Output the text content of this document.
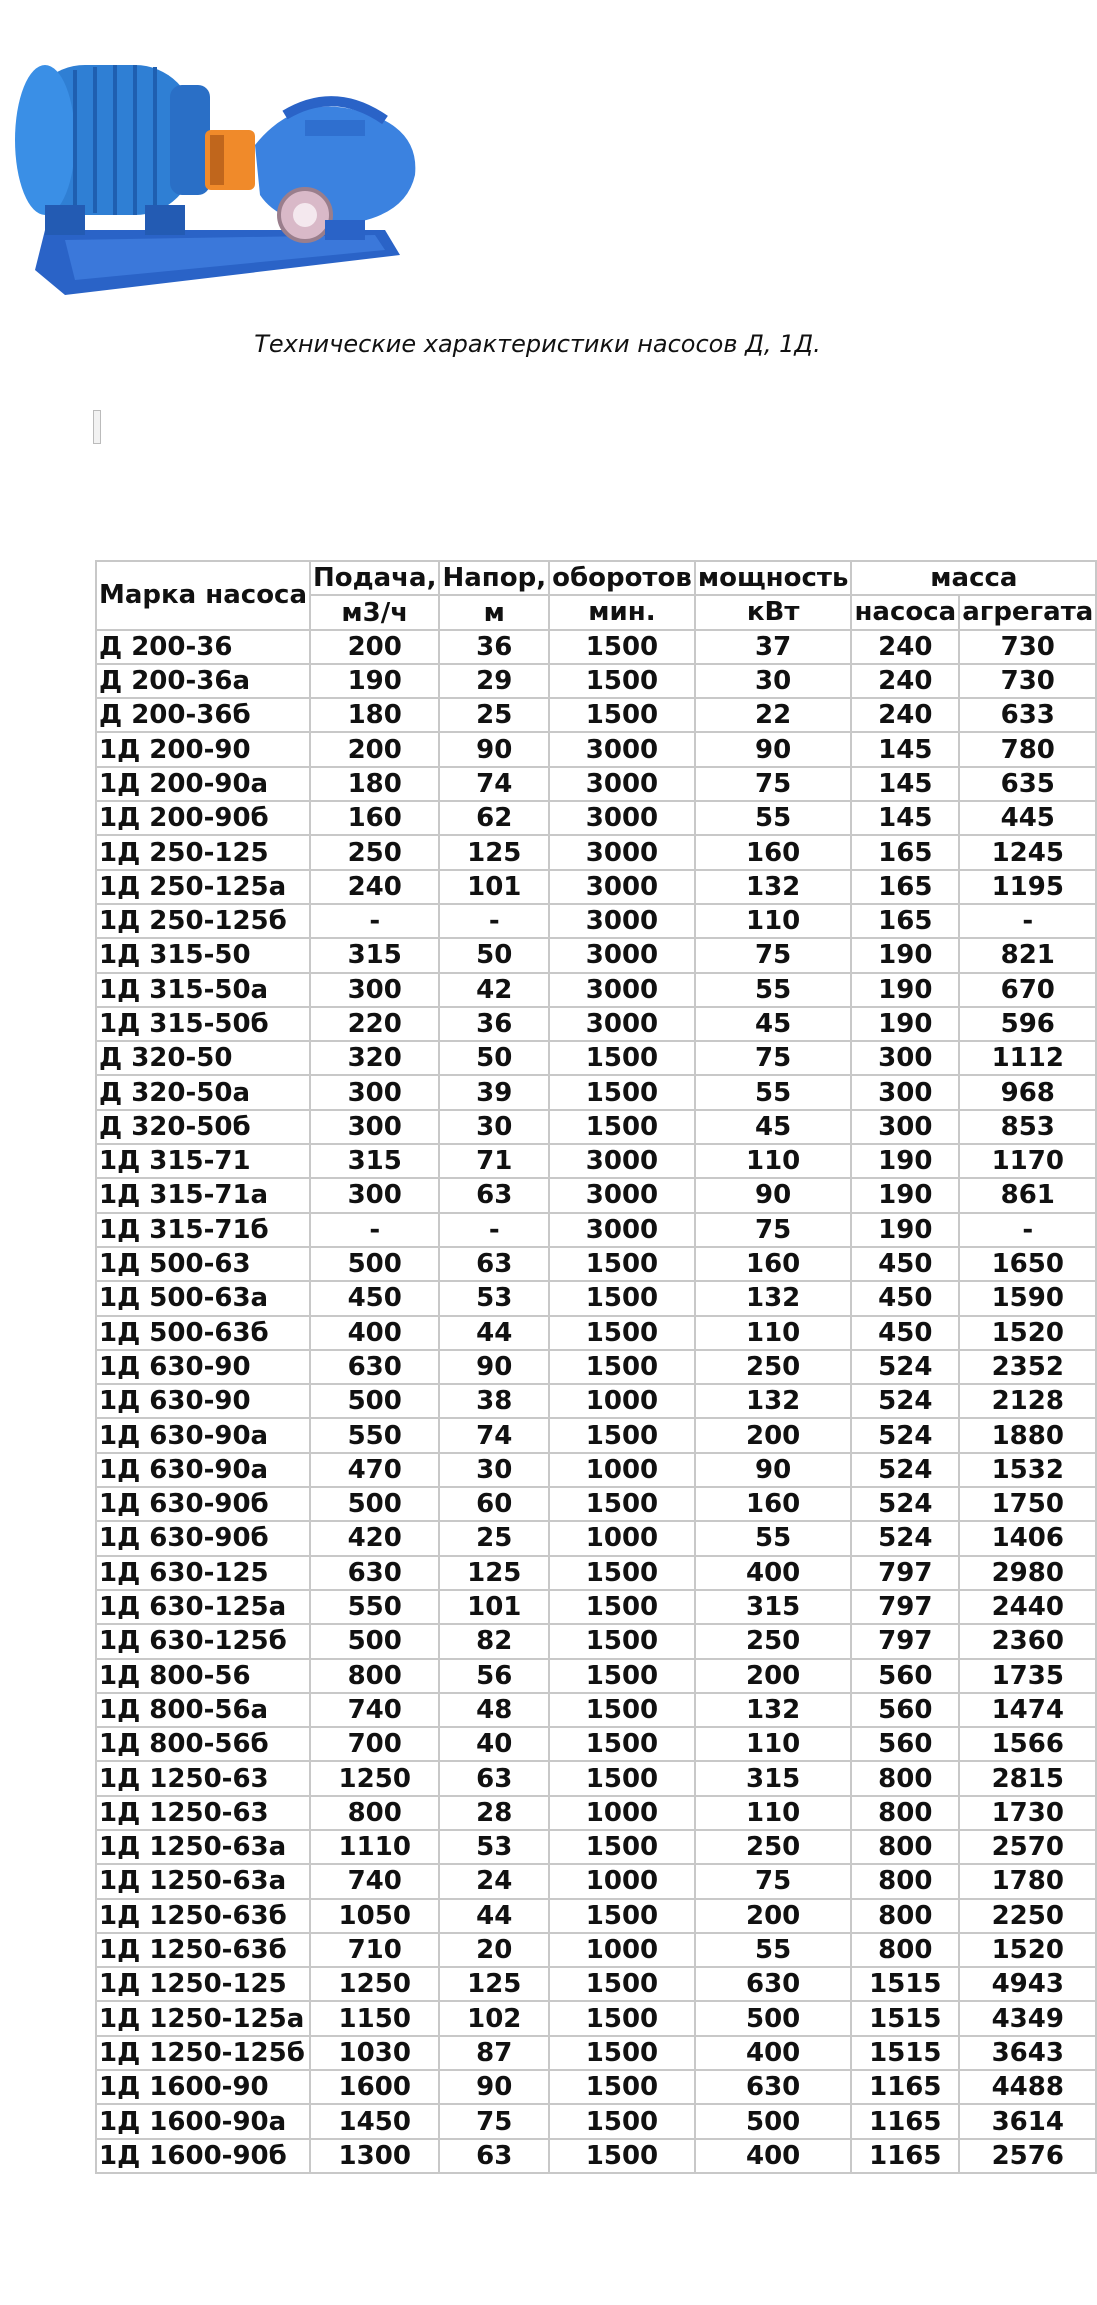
Технические характеристики насосов Д, 1Д.
Марка насоса	Подача,	Напор,	оборотов	мощность	масса	
	м3/ч	м	мин.	кВт	насоса	агрегата
Д 200-36	200	36	1500	37	240	730
Д 200-36а	190	29	1500	30	240	730
Д 200-36б	180	25	1500	22	240	633
1Д 200-90	200	90	3000	90	145	780
1Д 200-90а	180	74	3000	75	145	635
1Д 200-90б	160	62	3000	55	145	445
1Д 250-125	250	125	3000	160	165	1245
1Д 250-125а	240	101	3000	132	165	1195
1Д 250-125б	-	-	3000	110	165	-
1Д 315-50	315	50	3000	75	190	821
1Д 315-50а	300	42	3000	55	190	670
1Д 315-50б	220	36	3000	45	190	596
Д 320-50	320	50	1500	75	300	1112
Д 320-50а	300	39	1500	55	300	968
Д 320-50б	300	30	1500	45	300	853
1Д 315-71	315	71	3000	110	190	1170
1Д 315-71а	300	63	3000	90	190	861
1Д 315-71б	-	-	3000	75	190	-
1Д 500-63	500	63	1500	160	450	1650
1Д 500-63а	450	53	1500	132	450	1590
1Д 500-63б	400	44	1500	110	450	1520
1Д 630-90	630	90	1500	250	524	2352
1Д 630-90	500	38	1000	132	524	2128
1Д 630-90а	550	74	1500	200	524	1880
1Д 630-90а	470	30	1000	90	524	1532
1Д 630-90б	500	60	1500	160	524	1750
1Д 630-90б	420	25	1000	55	524	1406
1Д 630-125	630	125	1500	400	797	2980
1Д 630-125а	550	101	1500	315	797	2440
1Д 630-125б	500	82	1500	250	797	2360
1Д 800-56	800	56	1500	200	560	1735
1Д 800-56а	740	48	1500	132	560	1474
1Д 800-56б	700	40	1500	110	560	1566
1Д 1250-63	1250	63	1500	315	800	2815
1Д 1250-63	800	28	1000	110	800	1730
1Д 1250-63а	1110	53	1500	250	800	2570
1Д 1250-63а	740	24	1000	75	800	1780
1Д 1250-63б	1050	44	1500	200	800	2250
1Д 1250-63б	710	20	1000	55	800	1520
1Д 1250-125	1250	125	1500	630	1515	4943
1Д 1250-125а	1150	102	1500	500	1515	4349
1Д 1250-125б	1030	87	1500	400	1515	3643
1Д 1600-90	1600	90	1500	630	1165	4488
1Д 1600-90а	1450	75	1500	500	1165	3614
1Д 1600-90б	1300	63	1500	400	1165	2576
